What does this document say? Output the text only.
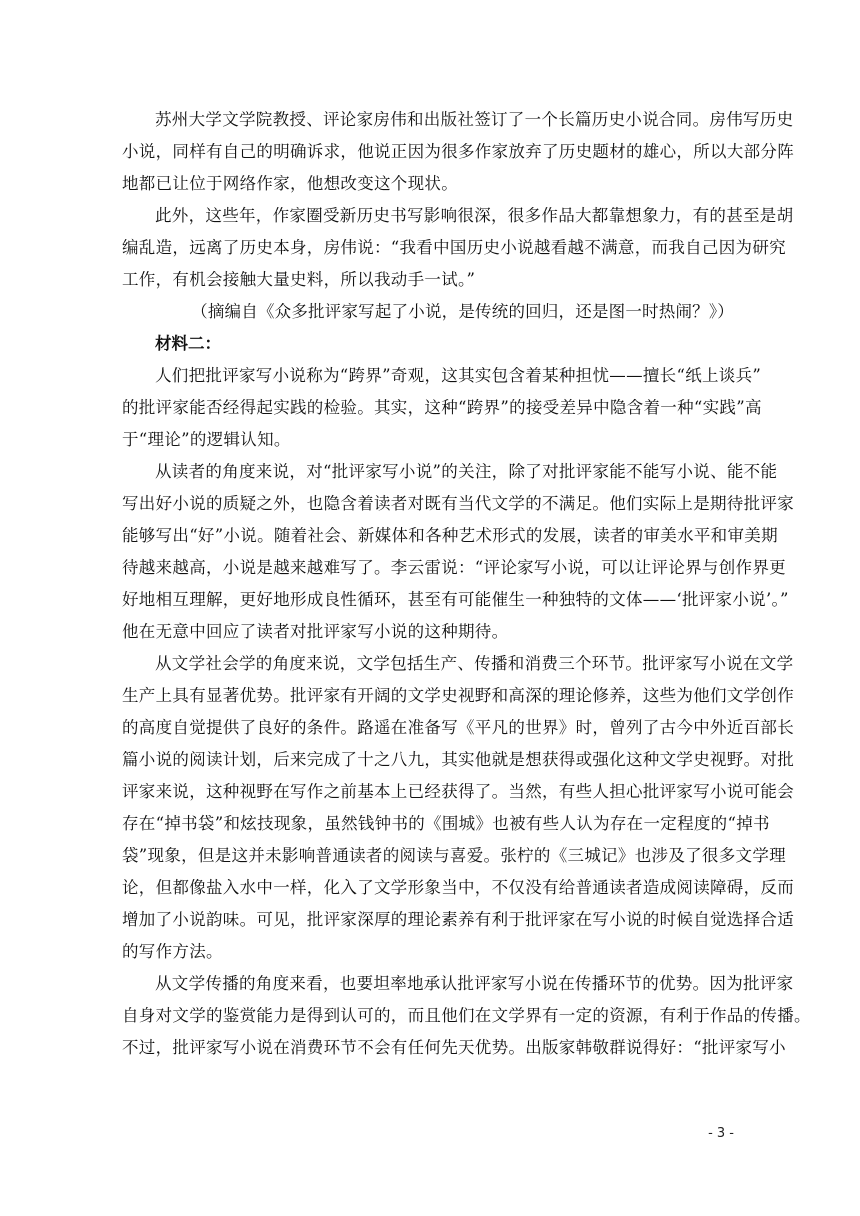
苏州大学文学院教授、评论家房伟和出版社签订了一个长篇历史小说合同。房伟写历史
小说，同样有自己的明确诉求，他说正因为很多作家放弃了历史题材的雄心，所以大部分阵
地都已让位于网络作家，他想改变这个现状。

此外，这些年，作家圈受新历史书写影响很深，很多作品大都靠想象力，有的甚至是胡
编乱造，远离了历史本身，房伟说：“我看中国历史小说越看越不满意，而我自己因为研究
工作，有机会接触大量史料，所以我动手一试。”

（摘编自《众多批评家写起了小说，是传统的回归，还是图一时热闹？》）

材料二：

人们把批评家写小说称为“跨界”奇观，这其实包含着某种担忧——擅长“纸上谈兵”
的批评家能否经得起实践的检验。其实，这种“跨界”的接受差异中隐含着一种“实践”高
于“理论”的逻辑认知。

从读者的角度来说，对“批评家写小说”的关注，除了对批评家能不能写小说、能不能
写出好小说的质疑之外，也隐含着读者对既有当代文学的不满足。他们实际上是期待批评家
能够写出“好”小说。随着社会、新媒体和各种艺术形式的发展，读者的审美水平和审美期
待越来越高，小说是越来越难写了。李云雷说：“评论家写小说，可以让评论界与创作界更
好地相互理解，更好地形成良性循环，甚至有可能催生一种独特的文体——‘批评家小说’。”
他在无意中回应了读者对批评家写小说的这种期待。

从文学社会学的角度来说，文学包括生产、传播和消费三个环节。批评家写小说在文学
生产上具有显著优势。批评家有开阔的文学史视野和高深的理论修养，这些为他们文学创作
的高度自觉提供了良好的条件。路遥在准备写《平凡的世界》时，曾列了古今中外近百部长
篇小说的阅读计划，后来完成了十之八九，其实他就是想获得或强化这种文学史视野。对批
评家来说，这种视野在写作之前基本上已经获得了。当然，有些人担心批评家写小说可能会
存在“掉书袋”和炫技现象，虽然钱钟书的《围城》也被有些人认为存在一定程度的“掉书
袋”现象，但是这并未影响普通读者的阅读与喜爱。张柠的《三城记》也涉及了很多文学理
论，但都像盐入水中一样，化入了文学形象当中，不仅没有给普通读者造成阅读障碍，反而
增加了小说韵味。可见，批评家深厚的理论素养有利于批评家在写小说的时候自觉选择合适
的写作方法。

从文学传播的角度来看，也要坦率地承认批评家写小说在传播环节的优势。因为批评家
自身对文学的鉴赏能力是得到认可的，而且他们在文学界有一定的资源，有利于作品的传播。
不过，批评家写小说在消费环节不会有任何先天优势。出版家韩敬群说得好：“批评家写小

- 3 -
